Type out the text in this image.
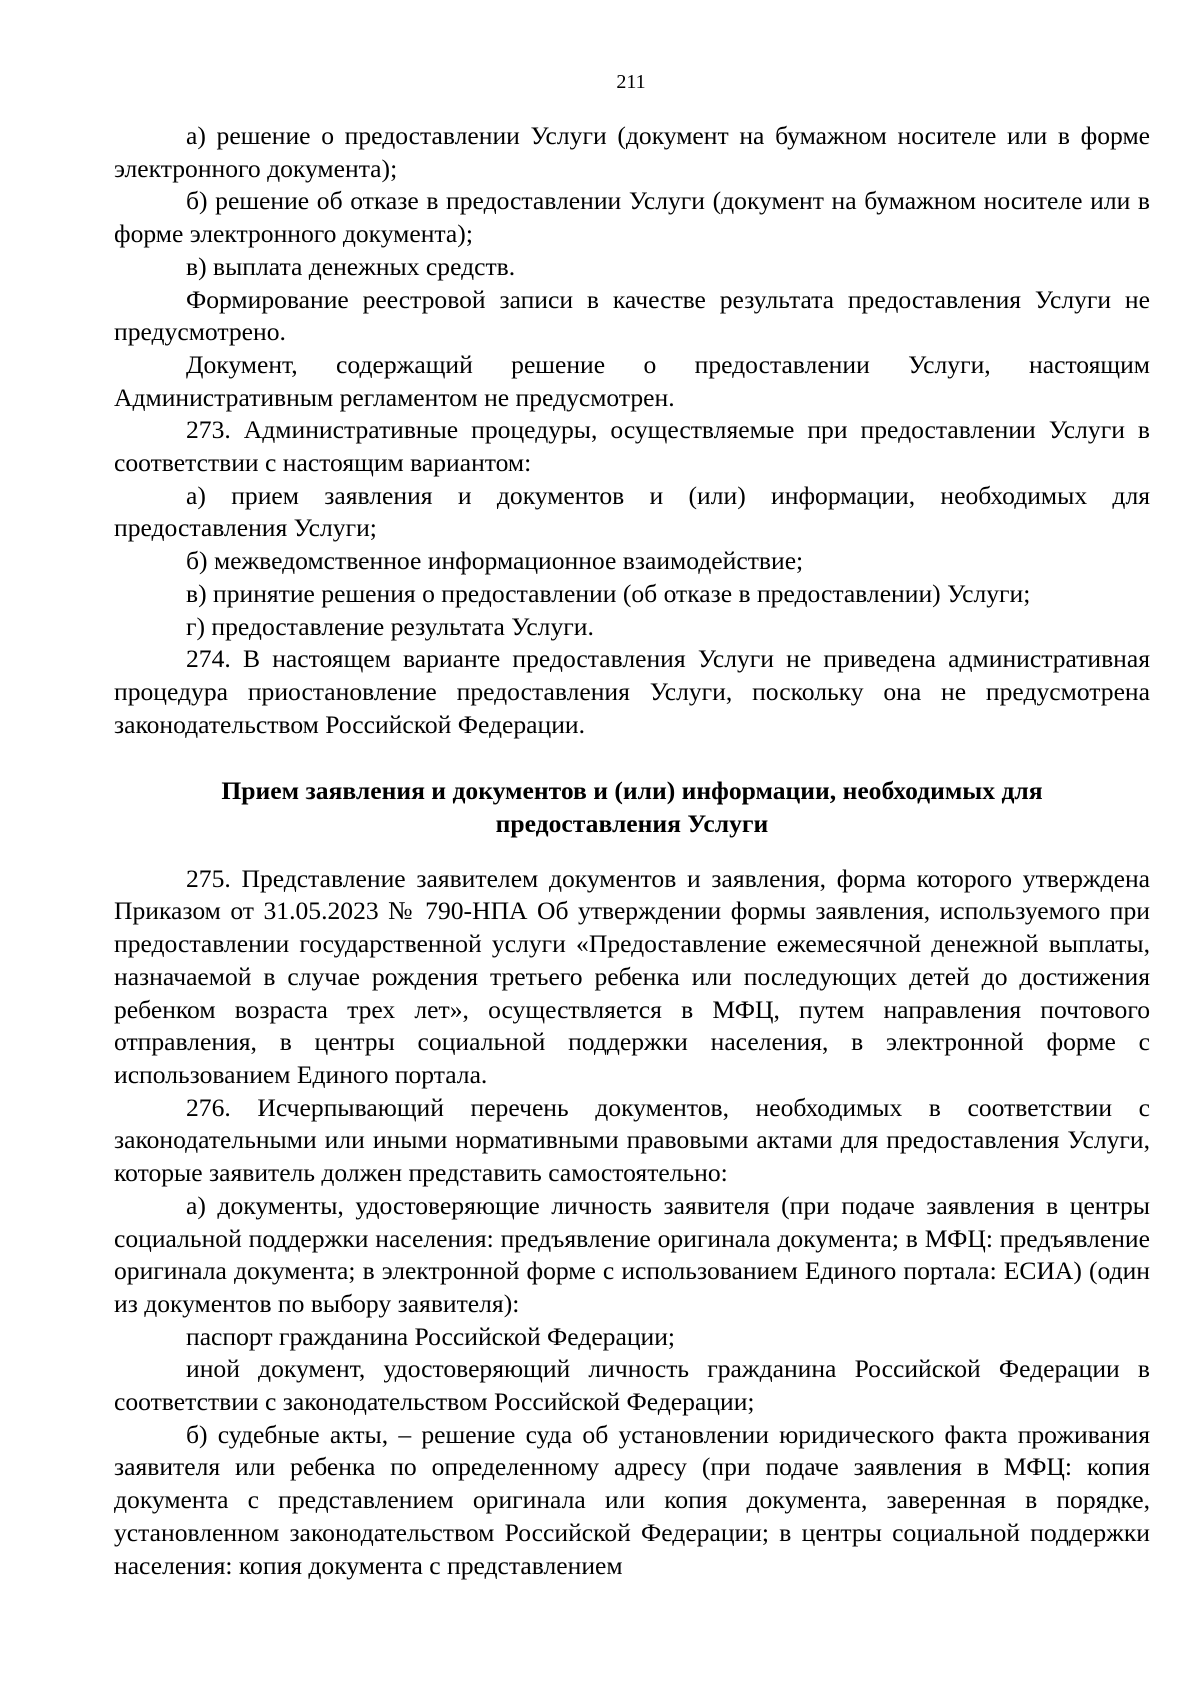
211

а) решение о предоставлении Услуги (документ на бумажном носителе или в форме электронного документа);

б) решение об отказе в предоставлении Услуги (документ на бумажном носителе или в форме электронного документа);

в) выплата денежных средств.

Формирование реестровой записи в качестве результата предоставления Услуги не предусмотрено.

Документ, содержащий решение о предоставлении Услуги, настоящим Административным регламентом не предусмотрен.

273. Административные процедуры, осуществляемые при предоставлении Услуги в соответствии с настоящим вариантом:

а) прием заявления и документов и (или) информации, необходимых для предоставления Услуги;

б) межведомственное информационное взаимодействие;

в) принятие решения о предоставлении (об отказе в предоставлении) Услуги;

г) предоставление результата Услуги.

274. В настоящем варианте предоставления Услуги не приведена административная процедура приостановление предоставления Услуги, поскольку она не предусмотрена законодательством Российской Федерации.

Прием заявления и документов и (или) информации, необходимых для предоставления Услуги

275. Представление заявителем документов и заявления, форма которого утверждена Приказом от 31.05.2023 № 790-НПА Об утверждении формы заявления, используемого при предоставлении государственной услуги «Предоставление ежемесячной денежной выплаты, назначаемой в случае рождения третьего ребенка или последующих детей до достижения ребенком возраста трех лет», осуществляется в МФЦ, путем направления почтового отправления, в центры социальной поддержки населения, в электронной форме с использованием Единого портала.

276. Исчерпывающий перечень документов, необходимых в соответствии с законодательными или иными нормативными правовыми актами для предоставления Услуги, которые заявитель должен представить самостоятельно:

а) документы, удостоверяющие личность заявителя (при подаче заявления в центры социальной поддержки населения: предъявление оригинала документа; в МФЦ: предъявление оригинала документа; в электронной форме с использованием Единого портала: ЕСИА) (один из документов по выбору заявителя):

паспорт гражданина Российской Федерации;

иной документ, удостоверяющий личность гражданина Российской Федерации в соответствии с законодательством Российской Федерации;

б) судебные акты, – решение суда об установлении юридического факта проживания заявителя или ребенка по определенному адресу (при подаче заявления в МФЦ: копия документа с представлением оригинала или копия документа, заверенная в порядке, установленном законодательством Российской Федерации; в центры социальной поддержки населения: копия документа с представлением
